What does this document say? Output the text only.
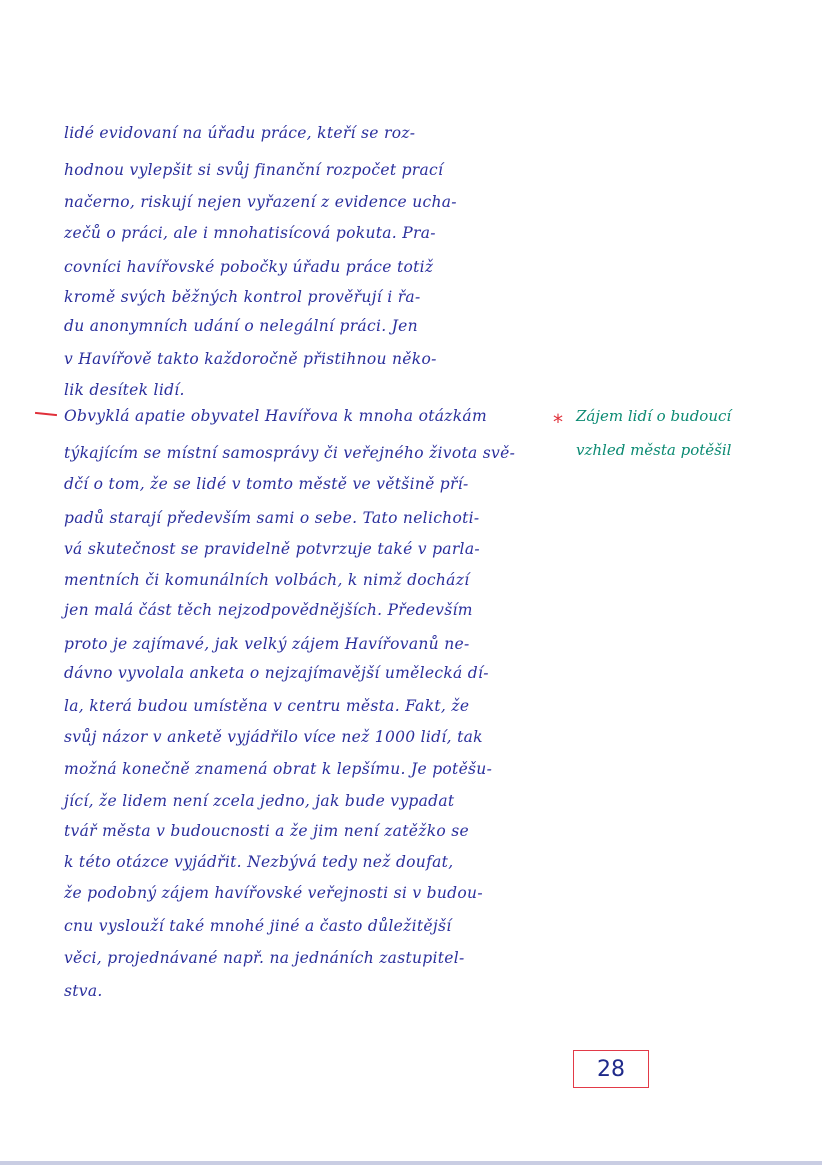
lidé evidovaní na úřadu práce, kteří se roz-
hodnou vylepšit si svůj finanční rozpočet prací
načerno, riskují nejen vyřazení z evidence ucha-
zečů o práci, ale i mnohatisícová pokuta. Pra-
covníci havířovské pobočky úřadu práce totiž
kromě svých běžných kontrol prověřují i řa-
du anonymních udání o nelegální práci. Jen
v Havířově takto každoročně přistihnou něko-
lik desítek lidí.
Obvyklá apatie obyvatel Havířova k mnoha otázkám
týkajícím se místní samosprávy či veřejného života svě-
dčí o tom, že se lidé v tomto městě ve většině pří-
padů starají především sami o sebe. Tato nelichoti-
vá skutečnost se pravidelně potvrzuje také v parla-
mentních či komunálních volbách, k nimž dochází
jen malá část těch nejzodpovědnějších. Především
proto je zajímavé, jak velký zájem Havířovanů ne-
dávno vyvolala anketa o nejzajímavější umělecká dí-
la, která budou umístěna v centru města. Fakt, že
svůj názor v anketě vyjádřilo více než 1000 lidí, tak
možná konečně znamená obrat k lepšímu. Je potěšu-
jící, že lidem není zcela jedno, jak bude vypadat
tvář města v budoucnosti a že jim není zatěžko se
k této otázce vyjádřit. Nezbývá tedy než doufat,
že podobný zájem havířovské veřejnosti si v budou-
cnu vyslouží také mnohé jiné a často důležitější
věci, projednávané např. na jednáních zastupitel-
stva.
* Zájem lidí o budoucí
vzhled města potěšil
28
